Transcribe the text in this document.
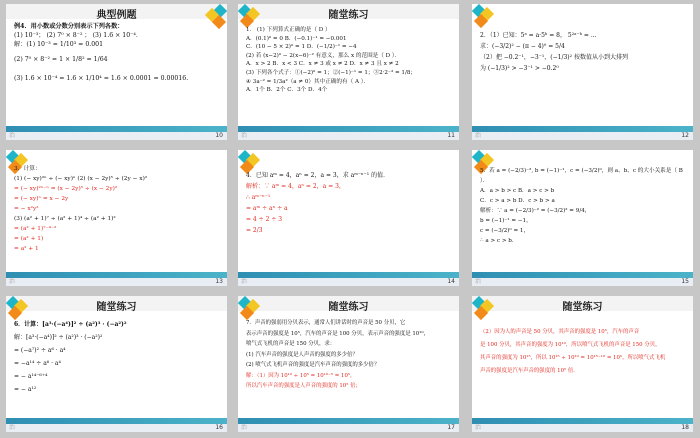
典型例题
例4．用小数或分数分别表示下列各数：
(1) 10⁻³； (2) 7⁰ × 8⁻² ； (3) 1.6 × 10⁻⁴．
解：(1) 10⁻³ = 1/10³ = 0.001
(2) 7⁰ × 8⁻² = 1 × 1/8² = 1/64
(3) 1.6 × 10⁻⁴ = 1.6 × 1/10⁴ = 1.6 × 0.0001 = 0.00016.
治	10
随堂练习
1． (1) 下列算式正确的是（ D ）
A．(0.1)⁰ = 0 B．(−0.1)⁻¹ = −0.001
C．(10 − 5 × 2)⁰ = 1 D．(−1/2)⁻¹ = −4
(2) 若 (x−2)⁰ − 2(x−6)⁻² 有意义，那么 x 的范围是（ D ）．
A．x > 2 B．x < 3 C．x ≠ 3 或 x ≠ 2 D．x ≠ 3 且 x ≠ 2
(3) 下列各个式子：①(−2)⁰ = 1；②(−1)⁻¹ = 1；③2·2⁻³ = 1/8；
④ 3a⁻² = 1/3a²（a ≠ 0）其中正确的有（ A ）．
A．1个 B．2个 C．3个 D．4个
治	11
2．（1）已知：5ᵃ = a·5ᵇ = 8， 5²ᵃ⁻ᵇ = ...
求：(−3/2)² − (π − 4)⁰ = 5/4
（2）把 −0.2⁻¹，−3⁻¹，(−1/3)² 按数值从小到大排列
为 (−1/3)² > −3⁻¹ > −0.2⁰
治	12
3．计算：
(1) (− xy)²ⁿ ÷ (− xy)ⁿ (2) (x − 2y)⁵ ÷ (2y − x)²
= (− xy)²ⁿ⁻ⁿ = (x − 2y)⁵ ÷ (x − 2y)²
= (− xy)ⁿ = x − 2y
= − x²y²
(3) (a² + 1)⁷ ÷ (a² + 1)⁴ ÷ (a² + 1)²
= (a² + 1)⁷⁻⁴⁻²
= (a² + 1)
= a² + 1
治	13
4．已知 aᵐ = 4，aⁿ = 2，a = 3，求 aᵐ⁻ⁿ⁻¹ 的值．
解析：∵ aᵐ = 4，aⁿ = 2，a = 3，
∴ aᵐ⁻ⁿ⁻¹
= aᵐ ÷ aⁿ ÷ a
= 4 ÷ 2 ÷ 3
= 2/3
治	14
5．若 a = (−2/3)⁻², b = (−1)⁻¹，c = (−3/2)⁰，则 a、b、c 的大小关系是（ B ）．
A．a > b > c B．a > c > b
C．c > a > b D．c > b > a
解析：∵ a = (−2/3)⁻² = (−3/2)² = 9/4，
b = (−1)⁻¹ = −1，
c = (−3/2)⁰ = 1，
∴ a > c > b．
治	15
随堂练习
6．计算：[a³·(−a⁴)]² ÷ (a²)³ · (−a²)²
解：[a³·(−a⁴)]² ÷ (a²)³ · (−a²)²
= (−a⁷)² ÷ a⁶ · a⁴
= −a¹⁴ ÷ a⁶ · a⁴
= − a¹⁴⁻⁶⁺⁴
= − a¹²
治	16
随堂练习
7．声音的强弱用分贝表示，通常人们讲话时的声音是 50 分贝，它
表示声音的强度是 10⁵，汽车的声音是 100 分贝，表示声音的强度是 10¹⁰，
喷气式飞机的声音是 150 分贝，求：
(1) 汽车声音的强度是人声音的强度的多少倍？
(2) 喷气式飞机声音的强度是汽车声音的强度的多少倍？
解：（1）因为 10¹⁰ ÷ 10⁵ = 10¹⁰⁻⁵ = 10⁵，
所以汽车声音的强度是人声音的强度的 10⁵ 倍；
治	17
随堂练习
（2）因为人的声音是 50 分贝，其声音的强度是 10⁵，汽车的声音
是 100 分贝，其声音的强度为 10¹⁰，所以喷气式飞机的声音是 150 分贝，
其声音的强度为 10¹⁵，所以 10¹⁵ ÷ 10¹⁰ = 10¹⁵⁻¹⁰ = 10⁵，所以喷气式飞机
声音的强度是汽车声音的强度的 10⁵ 倍．
治	18
